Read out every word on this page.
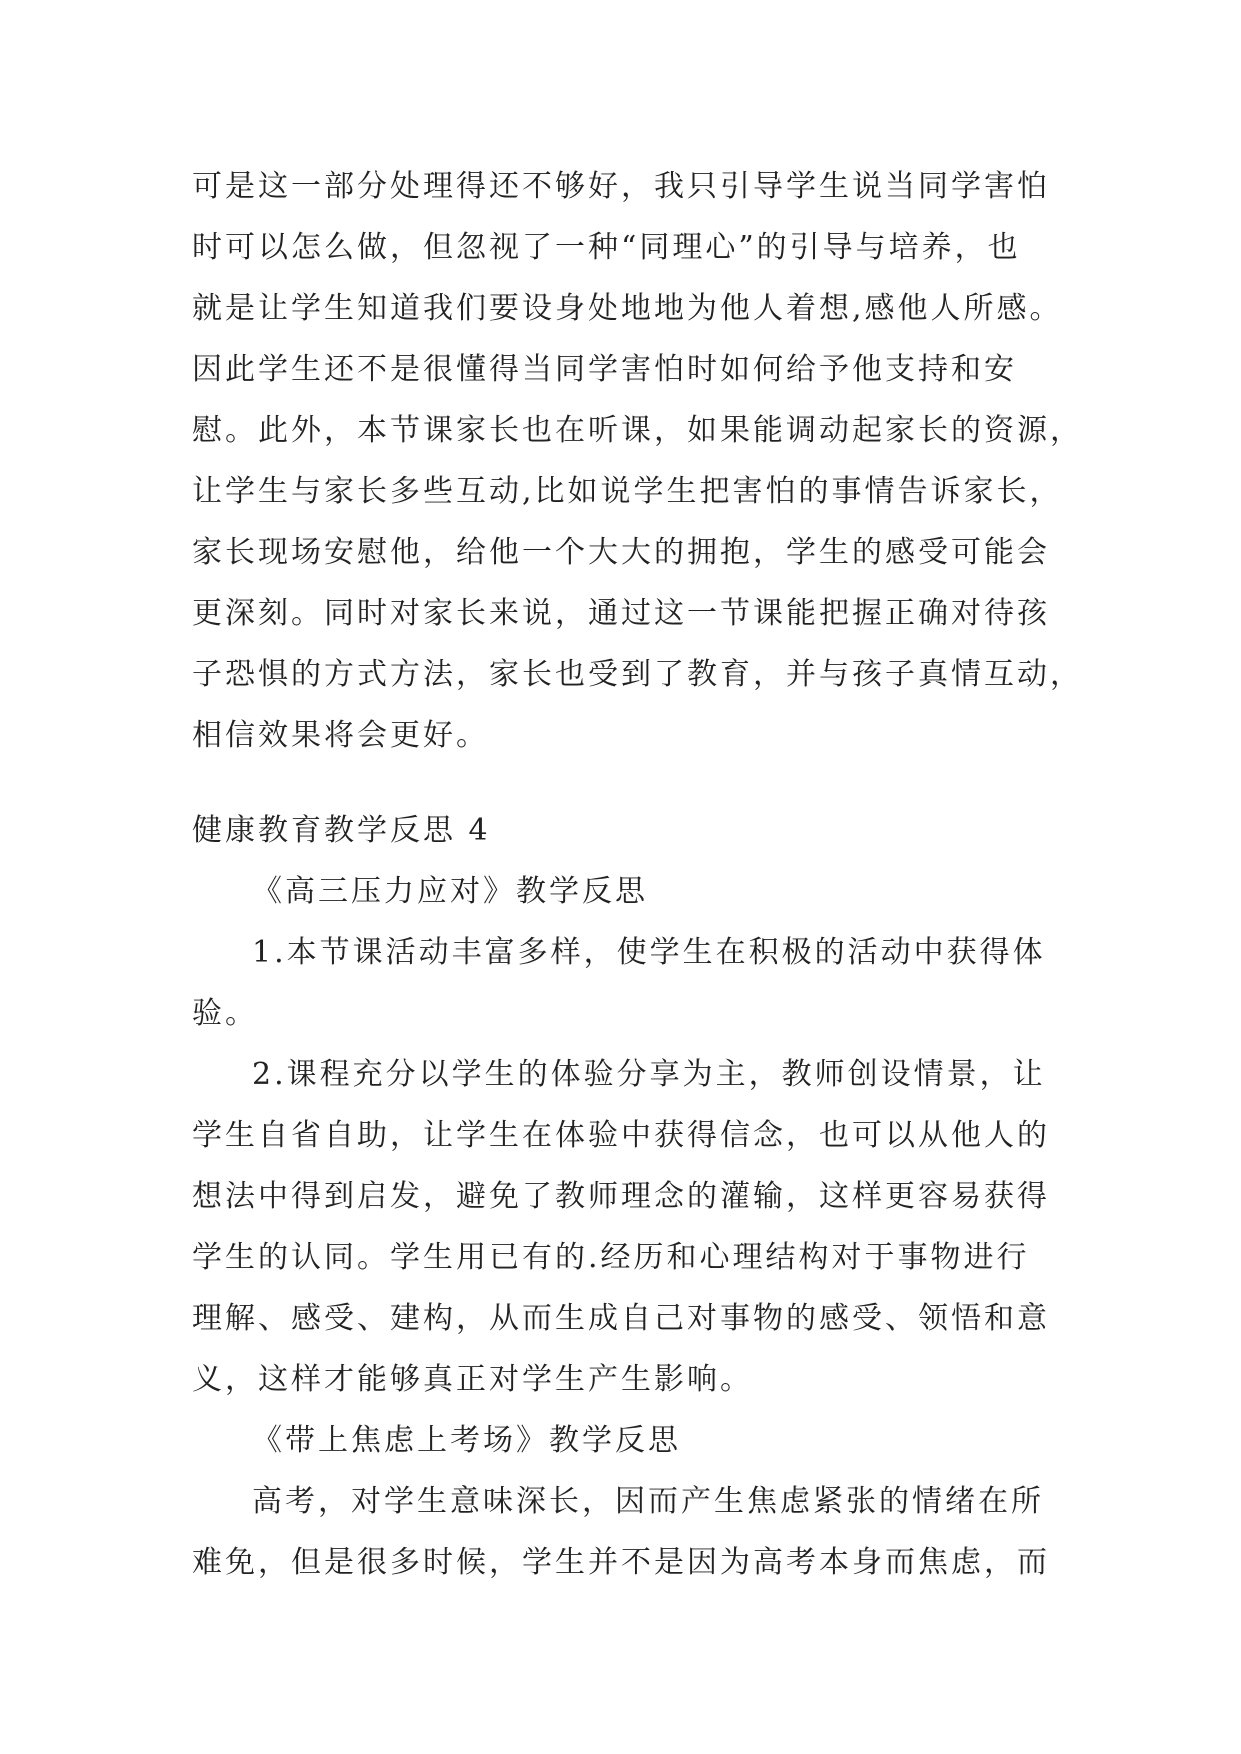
可是这一部分处理得还不够好，我只引导学生说当同学害怕
时可以怎么做，但忽视了一种“同理心”的引导与培养，也
就是让学生知道我们要设身处地地为他人着想,感他人所感。
因此学生还不是很懂得当同学害怕时如何给予他支持和安
慰。此外，本节课家长也在听课，如果能调动起家长的资源，
让学生与家长多些互动,比如说学生把害怕的事情告诉家长，
家长现场安慰他，给他一个大大的拥抱，学生的感受可能会
更深刻。同时对家长来说，通过这一节课能把握正确对待孩
子恐惧的方式方法，家长也受到了教育，并与孩子真情互动，
相信效果将会更好。
健康教育教学反思 4
《高三压力应对》教学反思
1.本节课活动丰富多样，使学生在积极的活动中获得体
验。
2.课程充分以学生的体验分享为主，教师创设情景，让
学生自省自助，让学生在体验中获得信念，也可以从他人的
想法中得到启发，避免了教师理念的灌输，这样更容易获得
学生的认同。学生用已有的.经历和心理结构对于事物进行
理解、感受、建构，从而生成自己对事物的感受、领悟和意
义，这样才能够真正对学生产生影响。
《带上焦虑上考场》教学反思
高考，对学生意味深长，因而产生焦虑紧张的情绪在所
难免，但是很多时候，学生并不是因为高考本身而焦虑，而
